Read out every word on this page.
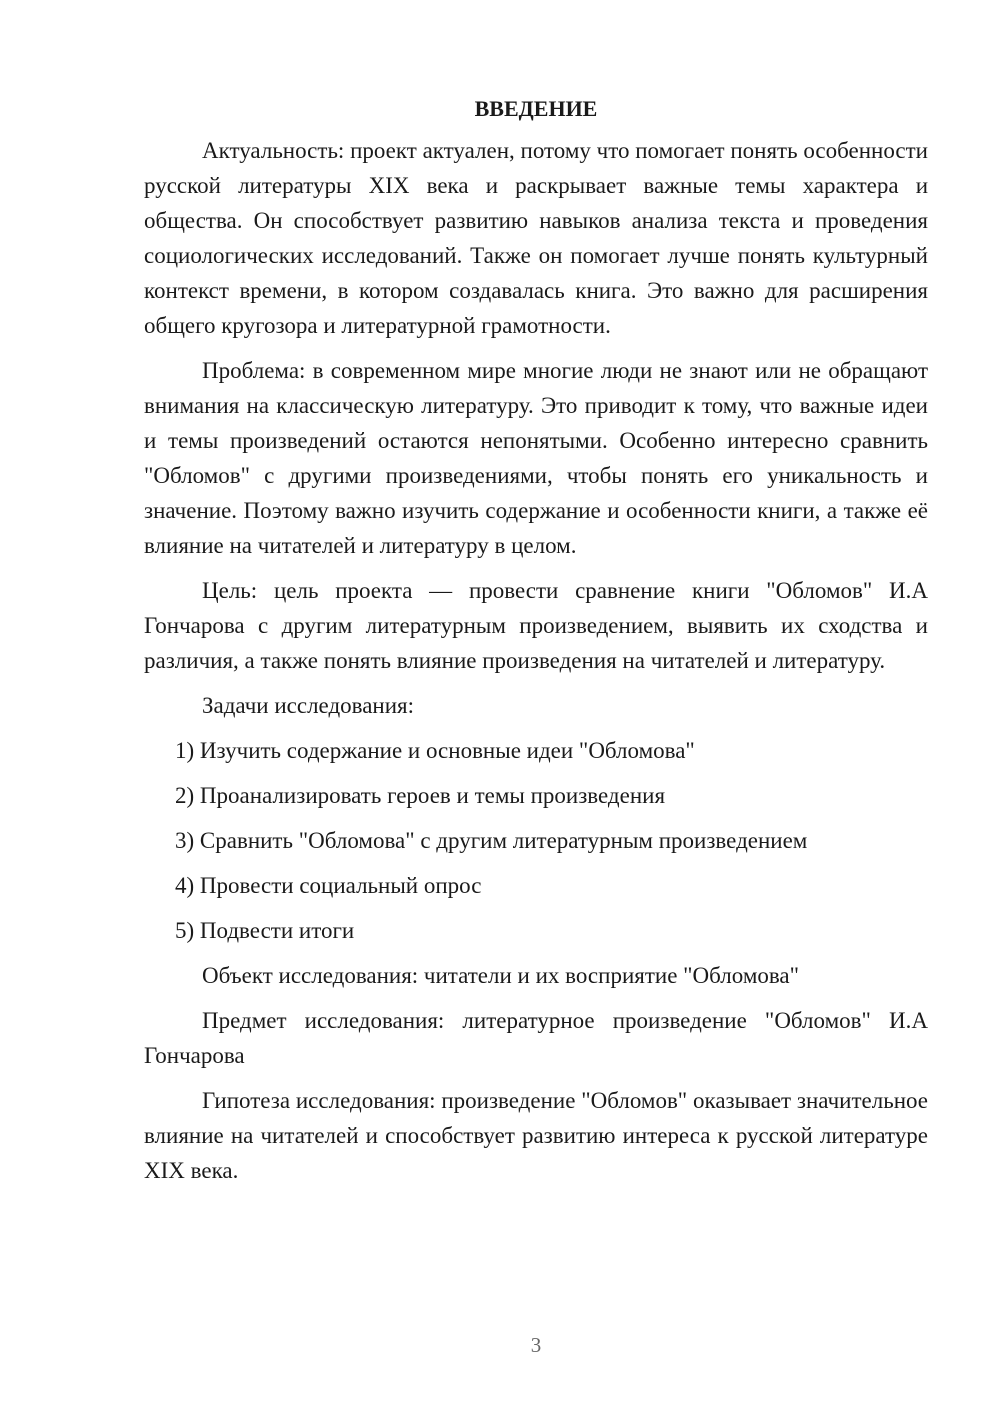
ВВЕДЕНИЕ

Актуальность: проект актуален, потому что помогает понять особенности русской литературы XIX века и раскрывает важные темы характера и общества. Он способствует развитию навыков анализа текста и проведения социологических исследований. Также он помогает лучше понять культурный контекст времени, в котором создавалась книга. Это важно для расширения общего кругозора и литературной грамотности.

Проблема: в современном мире многие люди не знают или не обращают внимания на классическую литературу. Это приводит к тому, что важные идеи и темы произведений остаются непонятыми. Особенно интересно сравнить "Обломов" с другими произведениями, чтобы понять его уникальность и значение. Поэтому важно изучить содержание и особенности книги, а также её влияние на читателей и литературу в целом.

Цель: цель проекта — провести сравнение книги "Обломов" И.А Гончарова с другим литературным произведением, выявить их сходства и различия, а также понять влияние произведения на читателей и литературу.

Задачи исследования:

1) Изучить содержание и основные идеи "Обломова"
2) Проанализировать героев и темы произведения
3) Сравнить "Обломова" с другим литературным произведением
4) Провести социальный опрос
5) Подвести итоги

Объект исследования: читатели и их восприятие "Обломова"

Предмет исследования: литературное произведение "Обломов" И.А Гончарова

Гипотеза исследования: произведение "Обломов" оказывает значительное влияние на читателей и способствует развитию интереса к русской литературе XIX века.

3
